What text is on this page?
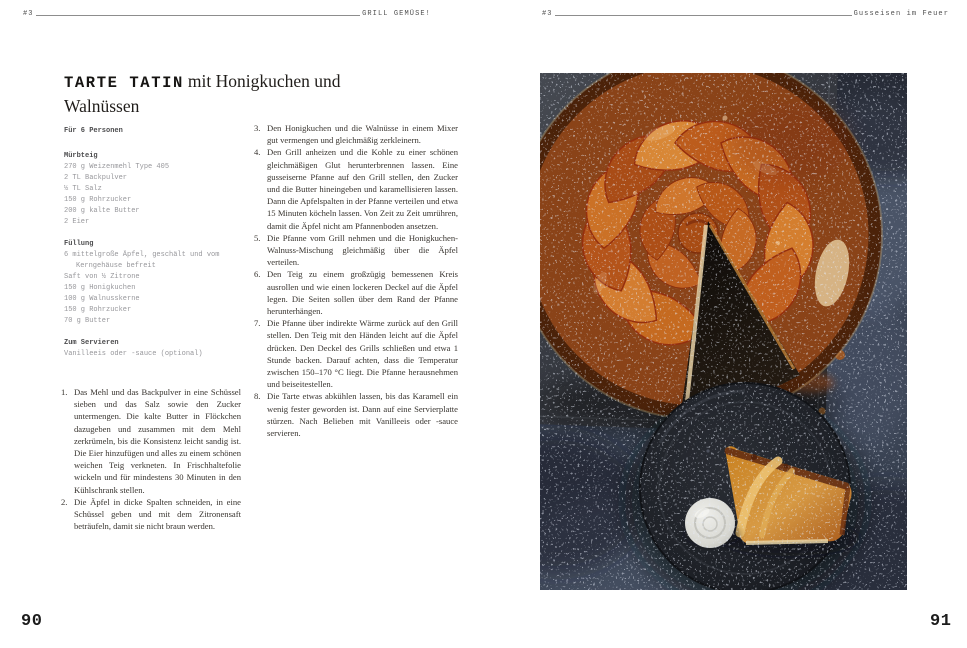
#3	GRILL GEMÜSE!	#3	Gusseisen im Feuer
TARTE TATIN mit Honigkuchen und Walnüssen

Für 6 Personen

Mürbteig

270 g Weizenmehl Type 405
2 TL Backpulver
½ TL Salz
150 g Rohrzucker
200 g kalte Butter
2 Eier

Füllung

6 mittelgroße Äpfel, geschält und vom Kerngehäuse befreit
Saft von ½ Zitrone
150 g Honigkuchen
100 g Walnusskerne
150 g Rohrzucker
70 g Butter

Zum Servieren

Vanilleeis oder -sauce (optional)
1. Das Mehl und das Backpulver in eine Schüssel sieben und das Salz sowie den Zucker untermengen. Die kalte Butter in Flöckchen dazugeben und zusammen mit dem Mehl zerkrümeln, bis die Konsistenz leicht sandig ist. Die Eier hinzufügen und alles zu einem schönen weichen Teig verkneten. In Frischhaltefolie wickeln und für mindestens 30 Minuten in den Kühlschrank stellen.
2. Die Äpfel in dicke Spalten schneiden, in eine Schüssel geben und mit dem Zitronensaft beträufeln, damit sie nicht braun werden.
3. Den Honigkuchen und die Walnüsse in einem Mixer gut vermengen und gleichmäßig zerkleinern.
4. Den Grill anheizen und die Kohle zu einer schönen gleichmäßigen Glut herunterbrennen lassen. Eine gusseiserne Pfanne auf den Grill stellen, den Zucker und die Butter hineingeben und karamellisieren lassen. Dann die Apfelspalten in der Pfanne verteilen und etwa 15 Minuten köcheln lassen. Von Zeit zu Zeit umrühren, damit die Äpfel nicht am Pfannenboden ansetzen.
5. Die Pfanne vom Grill nehmen und die Honigkuchen-Walnuss-Mischung gleichmäßig über die Äpfel verteilen.
6. Den Teig zu einem großzügig bemessenen Kreis ausrollen und wie einen lockeren Deckel auf die Äpfel legen. Die Seiten sollen über dem Rand der Pfanne herunterhängen.
7. Die Pfanne über indirekte Wärme zurück auf den Grill stellen. Den Teig mit den Händen leicht auf die Äpfel drücken. Den Deckel des Grills schließen und etwa 1 Stunde backen. Darauf achten, dass die Temperatur zwischen 150–170 °C liegt. Die Pfanne herausnehmen und beiseitestellen.
8. Die Tarte etwas abkühlen lassen, bis das Karamell ein wenig fester geworden ist. Dann auf eine Servierplatte stürzen. Nach Belieben mit Vanilleeis oder -sauce servieren.
90	91
